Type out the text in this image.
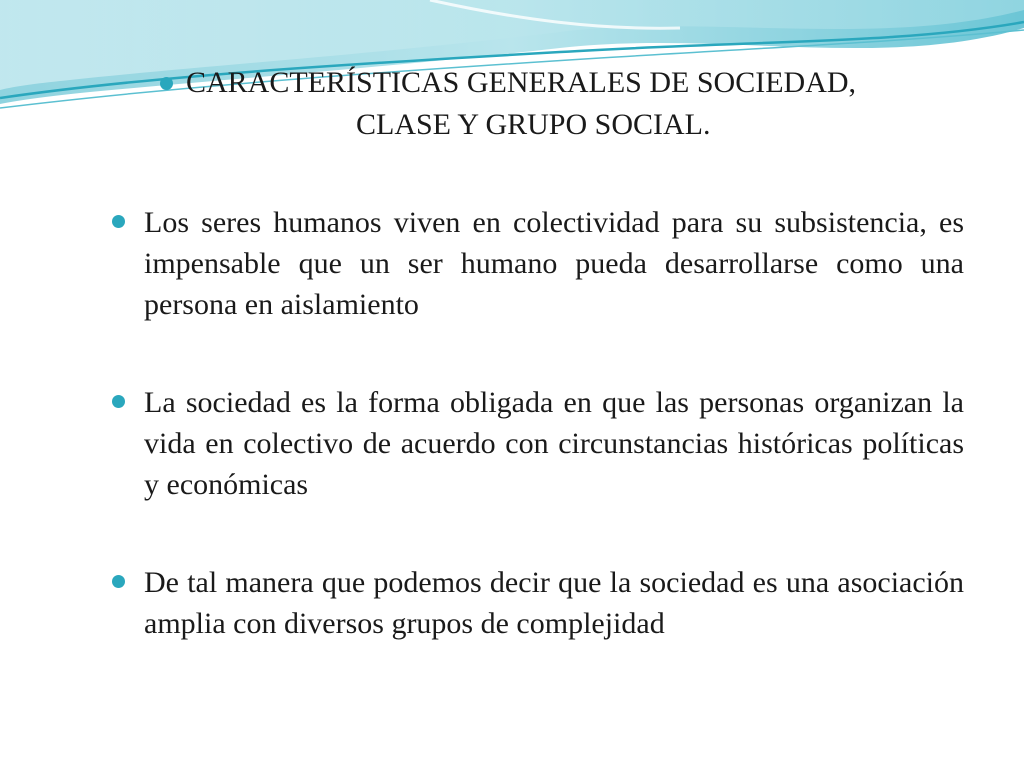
CARACTERÍSTICAS GENERALES DE SOCIEDAD,
CLASE Y GRUPO SOCIAL.
Los seres humanos viven en colectividad para su subsistencia, es impensable que un ser humano pueda desarrollarse como una persona en aislamiento
La sociedad es la forma obligada en que las personas organizan la vida en colectivo de acuerdo con circunstancias históricas políticas y económicas
De tal manera que podemos decir que la sociedad es una asociación amplia con diversos grupos de complejidad
